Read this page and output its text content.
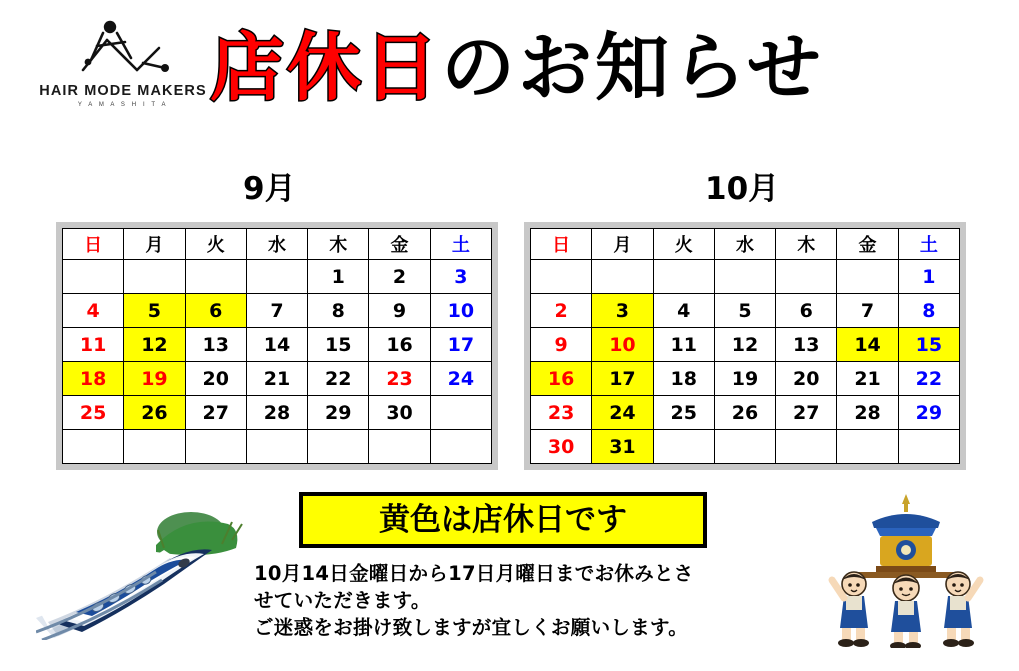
HAIR MODE MAKERS
Y A M A S H I T A 店休日のお知らせ
9月	10月
日	月	火	水	木	金	土
				1	2	3
4	5	6	7	8	9	10
11	12	13	14	15	16	17
18	19	20	21	22	23	24
25	26	27	28	29	30	

日	月	火	水	木	金	土
						1
2	3	4	5	6	7	8
9	10	11	12	13	14	15
16	17	18	19	20	21	22
23	24	25	26	27	28	29
30	31					
黄色は店休日です
10月14日金曜日から17日月曜日までお休みとさ
せていただきます。
ご迷惑をお掛け致しますが宜しくお願いします。
